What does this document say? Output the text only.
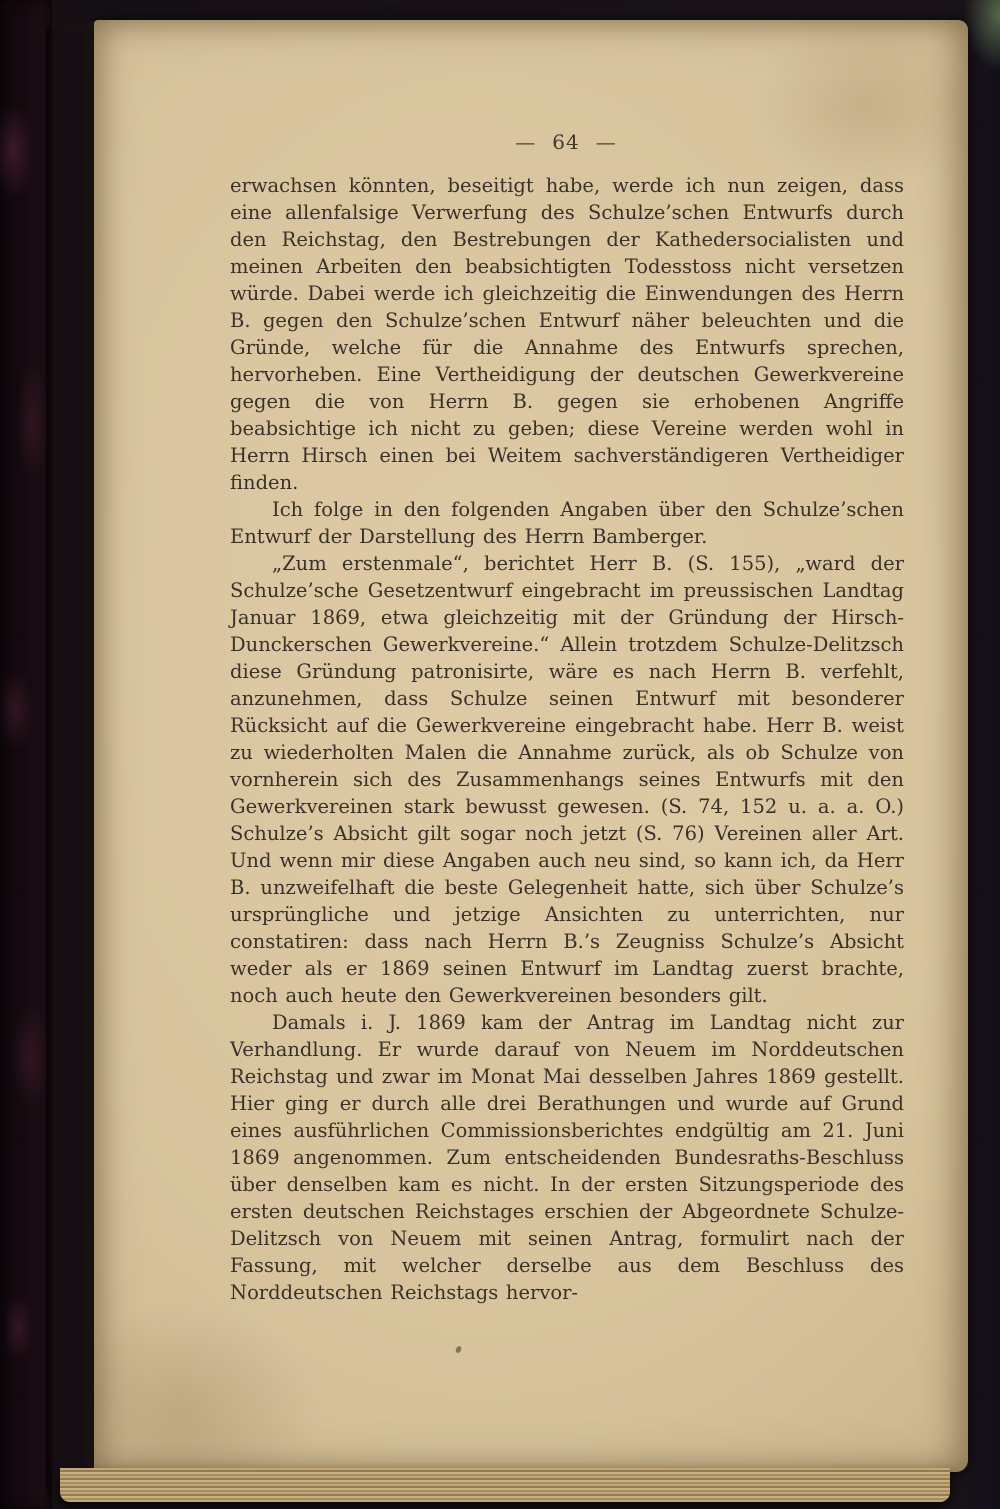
— 64 —

erwachsen könnten, beseitigt habe, werde ich nun zeigen, dass eine allenfalsige Verwerfung des Schulze’schen Entwurfs durch den Reichstag, den Bestrebungen der Kathedersocialisten und meinen Arbeiten den beabsichtigten Todesstoss nicht versetzen würde. Dabei werde ich gleichzeitig die Einwendungen des Herrn B. gegen den Schulze’schen Entwurf näher beleuchten und die Gründe, welche für die Annahme des Entwurfs sprechen, hervorheben. Eine Vertheidigung der deutschen Gewerkvereine gegen die von Herrn B. gegen sie erhobenen Angriffe beabsichtige ich nicht zu geben; diese Vereine werden wohl in Herrn Hirsch einen bei Weitem sachverständigeren Vertheidiger finden.

Ich folge in den folgenden Angaben über den Schulze’schen Entwurf der Darstellung des Herrn Bamberger.

„Zum erstenmale“, berichtet Herr B. (S. 155), „ward der Schulze’sche Gesetzentwurf eingebracht im preussischen Landtag Januar 1869, etwa gleichzeitig mit der Gründung der Hirsch-Dunckerschen Gewerkvereine.“ Allein trotzdem Schulze-Delitzsch diese Gründung patronisirte, wäre es nach Herrn B. verfehlt, anzunehmen, dass Schulze seinen Entwurf mit besonderer Rücksicht auf die Gewerkvereine eingebracht habe. Herr B. weist zu wiederholten Malen die Annahme zurück, als ob Schulze von vornherein sich des Zusammenhangs seines Entwurfs mit den Gewerkvereinen stark bewusst gewesen. (S. 74, 152 u. a. a. O.) Schulze’s Absicht gilt sogar noch jetzt (S. 76) Vereinen aller Art. Und wenn mir diese Angaben auch neu sind, so kann ich, da Herr B. unzweifelhaft die beste Gelegenheit hatte, sich über Schulze’s ursprüngliche und jetzige Ansichten zu unterrichten, nur constatiren: dass nach Herrn B.’s Zeugniss Schulze’s Absicht weder als er 1869 seinen Entwurf im Landtag zuerst brachte, noch auch heute den Gewerkvereinen besonders gilt.

Damals i. J. 1869 kam der Antrag im Landtag nicht zur Verhandlung. Er wurde darauf von Neuem im Norddeutschen Reichstag und zwar im Monat Mai desselben Jahres 1869 gestellt. Hier ging er durch alle drei Berathungen und wurde auf Grund eines ausführlichen Commissionsberichtes endgültig am 21. Juni 1869 angenommen. Zum entscheidenden Bundesraths-Beschluss über denselben kam es nicht. In der ersten Sitzungsperiode des ersten deutschen Reichstages erschien der Abgeordnete Schulze-Delitzsch von Neuem mit seinen Antrag, formulirt nach der Fassung, mit welcher derselbe aus dem Beschluss des Norddeutschen Reichstags hervor-
